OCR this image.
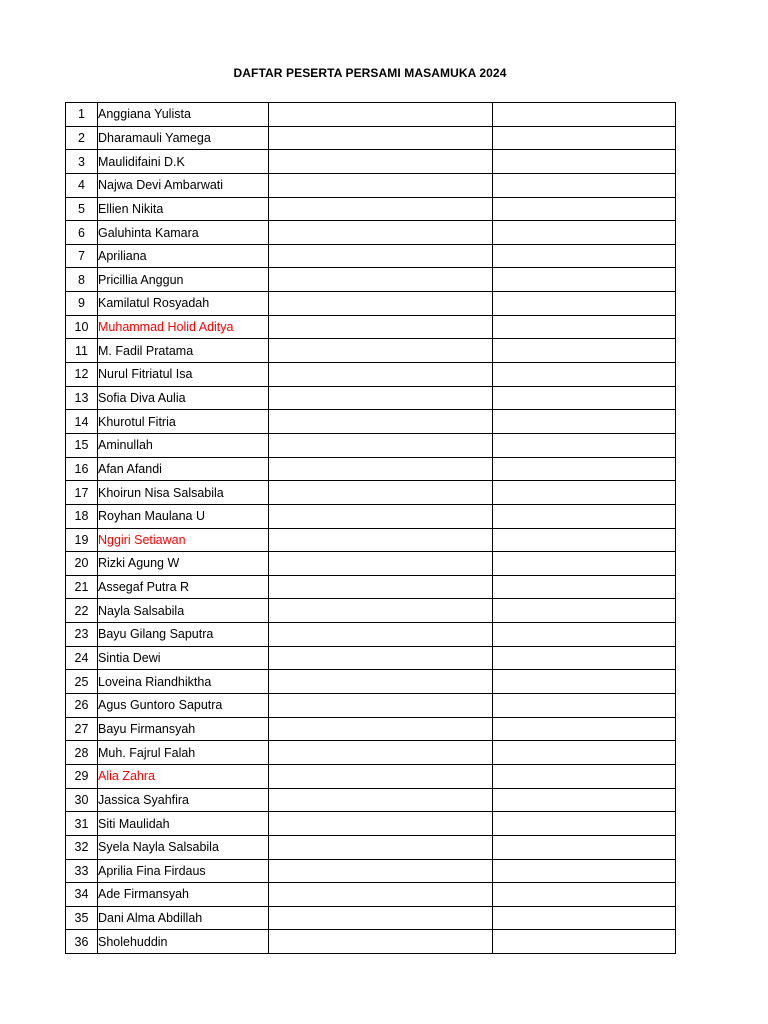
DAFTAR PESERTA PERSAMI MASAMUKA 2024
1	Anggiana Yulista		
2	Dharamauli Yamega		
3	Maulidifaini D.K		
4	Najwa Devi Ambarwati		
5	Ellien Nikita		
6	Galuhinta Kamara		
7	Apriliana		
8	Pricillia Anggun		
9	Kamilatul Rosyadah		
10	Muhammad Holid Aditya		
11	M. Fadil Pratama		
12	Nurul Fitriatul Isa		
13	Sofia Diva Aulia		
14	Khurotul Fitria		
15	Aminullah		
16	Afan Afandi		
17	Khoirun Nisa Salsabila		
18	Royhan Maulana U		
19	Nggiri Setiawan		
20	Rizki Agung W		
21	Assegaf Putra R		
22	Nayla Salsabila		
23	Bayu Gilang Saputra		
24	Sintia Dewi		
25	Loveina Riandhiktha		
26	Agus Guntoro Saputra		
27	Bayu Firmansyah		
28	Muh. Fajrul Falah		
29	Alia Zahra		
30	Jassica Syahfira		
31	Siti Maulidah		
32	Syela Nayla Salsabila		
33	Aprilia Fina Firdaus		
34	Ade Firmansyah		
35	Dani Alma Abdillah		
36	Sholehuddin		
